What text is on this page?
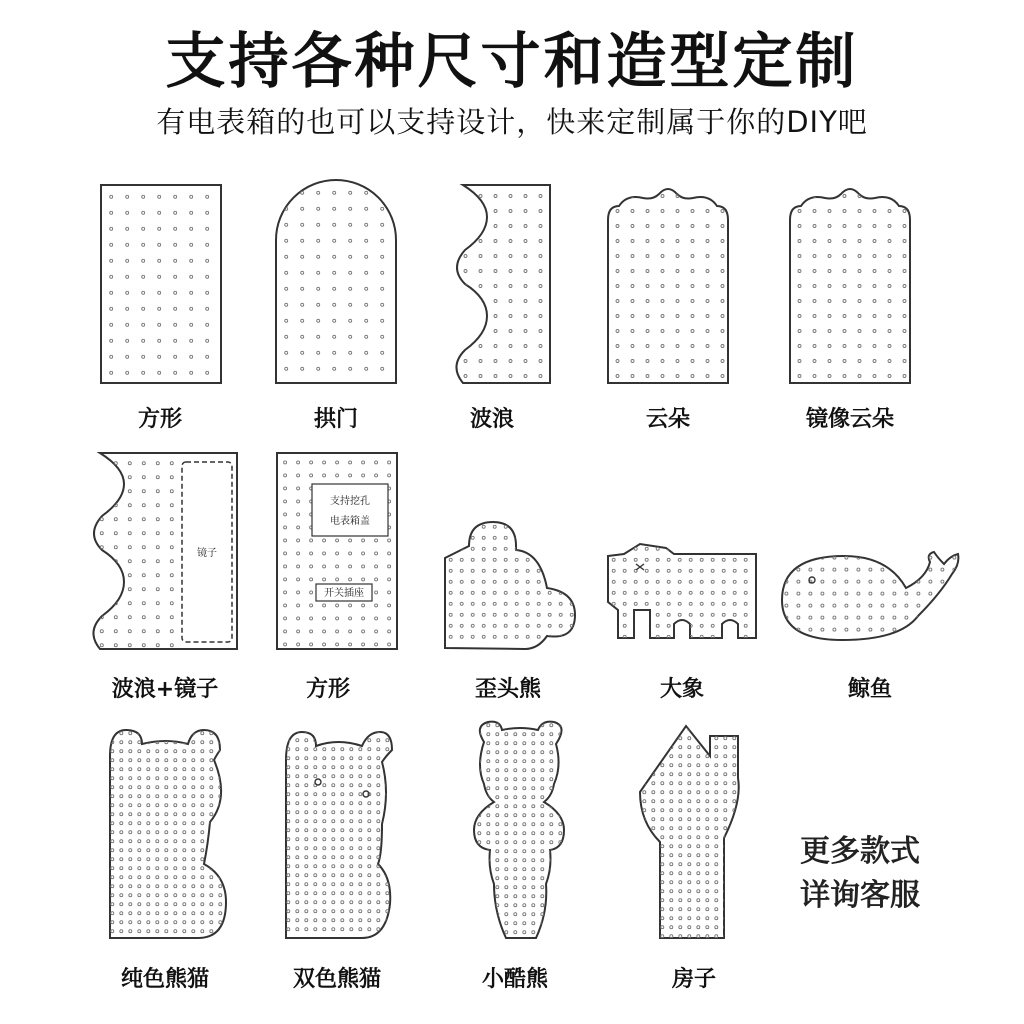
支持各种尺寸和造型定制
有电表箱的也可以支持设计，快来定制属于你的DIY吧
方形	拱门	波浪	云朵	镜像云朵
镜子
波浪+镜子
支持挖孔
电表箱盖
开关插座
方形	歪头熊	大象	鲸鱼
纯色熊猫	双色熊猫	小酷熊	房子
更多款式
详询客服
